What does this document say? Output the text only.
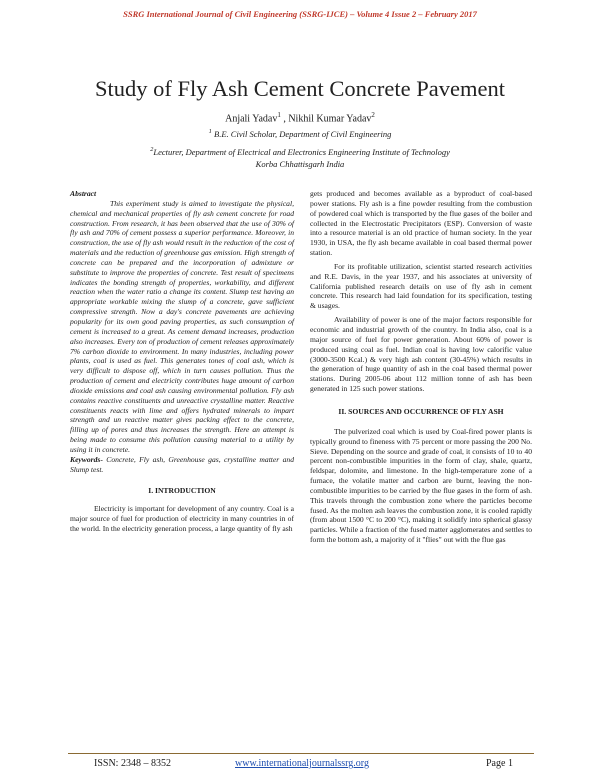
SSRG International Journal of Civil Engineering (SSRG-IJCE) – Volume 4 Issue 2 – February 2017
Study of Fly Ash Cement Concrete Pavement
Anjali Yadav$^1$ , Nikhil Kumar Yadav$^2$
$^1$ B.E. Civil Scholar, Department of Civil Engineering
$^2$Lecturer, Department of Electrical and Electronics Engineering Institute of Technology
Korba Chhattisgarh India
Abstract
This experiment study is aimed to investigate the physical, chemical and mechanical properties of fly ash cement concrete for road construction. From research, it has been observed that the use of 30% of fly ash and 70% of cement possess a superior performance. Moreover, in construction, the use of fly ash would result in the reduction of the cost of materials and the reduction of greenhouse gas emission. High strength of concrete can be prepared and the incorporation of admixture or substitute to improve the properties of concrete. Test result of specimens indicates the bonding strength of properties, workability, and different reaction when the water ratio a change its content. Slump test having an appropriate workable mixing the slump of a concrete, gave sufficient compressive strength. Now a day's concrete pavements are achieving popularity for its own good paving properties, as such consumption of cement is increased to a great. As cement demand increases, production also increases. Every ton of production of cement releases approximately 7% carbon dioxide to environment. In many industries, including power plants, coal is used as fuel. This generates tones of coal ash, which is very difficult to dispose off, which in turn causes pollution. Thus the production of cement and electricity contributes huge amount of carbon dioxide emissions and coal ash causing environmental pollution. Fly ash contains reactive constituents and unreactive crystalline matter. Reactive constituents reacts with lime and offers hydrated minerals to impart strength and un reactive matter gives packing effect to the concrete, filling up of pores and thus increases the strength. Here an attempt is being made to consume this pollution causing material to a utility by using it in concrete.
Keywords- Concrete, Fly ash, Greenhouse gas, crystalline matter and Slump test.
I. INTRODUCTION

Electricity is important for development of any country. Coal is a major source of fuel for production of electricity in many countries in of the world. In the electricity generation process, a large quantity of fly ash

gets produced and becomes available as a byproduct of coal-based power stations. Fly ash is a fine powder resulting from the combustion of powdered coal which is transported by the flue gases of the boiler and collected in the Electrostatic Precipitators (ESP). Conversion of waste into a resource material is an old practice of human society. In the year 1930, in USA, the fly ash became available in coal based thermal power station.

For its profitable utilization, scientist started research activities and R.E. Davis, in the year 1937, and his associates at university of California published research details on use of fly ash in cement concrete. This research had laid foundation for its specification, testing & usages.

Availability of power is one of the major factors responsible for economic and industrial growth of the country. In India also, coal is a major source of fuel for power generation. About 60% of power is produced using coal as fuel. Indian coal is having low calorific value (3000-3500 Kcal.) & very high ash content (30-45%) which results in the generation of huge quantity of ash in the coal based thermal power stations. During 2005-06 about 112 million tonne of ash has been generated in 125 such power stations.

II. SOURCES AND OCCURRENCE OF FLY ASH

The pulverized coal which is used by Coal-fired power plants is typically ground to fineness with 75 percent or more passing the 200 No. Sieve. Depending on the source and grade of coal, it consists of 10 to 40 percent non-combustible impurities in the form of clay, shale, quartz, feldspar, dolomite, and limestone. In the high-temperature zone of a furnace, the volatile matter and carbon are burnt, leaving the non-combustible impurities to be carried by the flue gases in the form of ash. This travels through the combustion zone where the particles become fused. As the molten ash leaves the combustion zone, it is cooled rapidly (from about 1500 °C to 200 °C), making it solidify into spherical glassy particles. While a fraction of the fused matter agglomerates and settles to form the bottom ash, a majority of it "flies" out with the flue gas

ISSN: 2348 – 8352	www.internationaljournalssrg.org	Page 1
